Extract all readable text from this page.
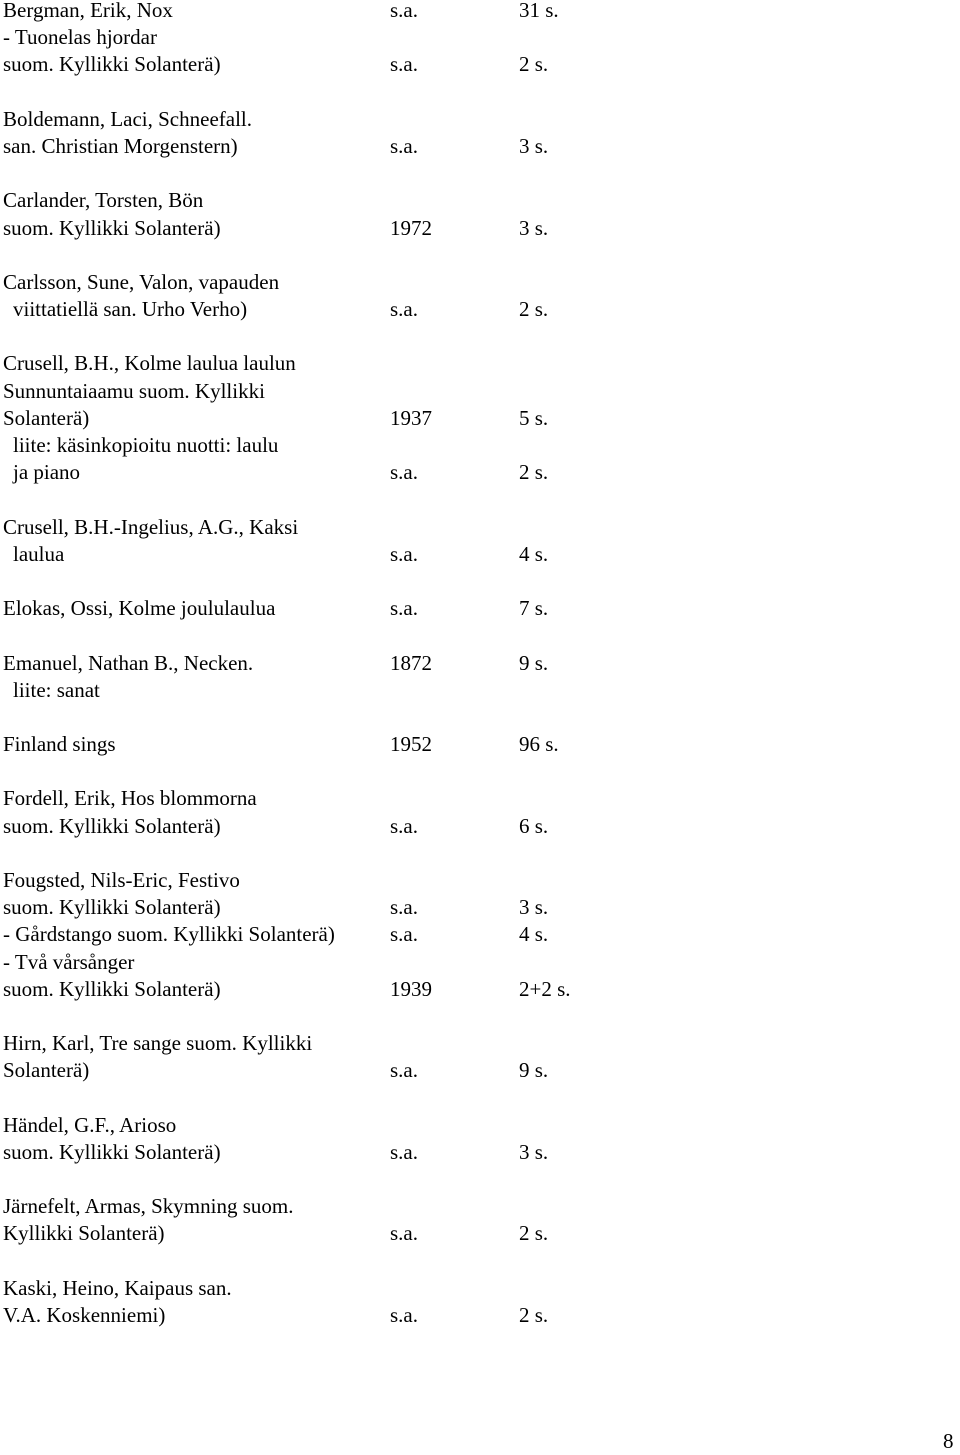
Bergman, Erik, Nox	s.a.	31 s.
- Tuonelas hjordar
suom. Kyllikki Solanterä)	s.a.	2 s.
Boldemann, Laci, Schneefall.
san. Christian Morgenstern)	s.a.	3 s.
Carlander, Torsten, Bön
suom. Kyllikki Solanterä)	1972	3 s.
Carlsson, Sune, Valon, vapauden
viittatiellä san. Urho Verho)	s.a.	2 s.
Crusell, B.H., Kolme laulua laulun
Sunnuntaiaamu suom. Kyllikki
Solanterä)	1937	5 s.
liite: käsinkopioitu nuotti: laulu
ja piano	s.a.	2 s.
Crusell, B.H.-Ingelius, A.G., Kaksi
laulua	s.a.	4 s.
Elokas, Ossi, Kolme joululaulua	s.a.	7 s.
Emanuel, Nathan B., Necken.	1872	9 s.
liite: sanat
Finland sings	1952	96 s.
Fordell, Erik, Hos blommorna
suom. Kyllikki Solanterä)	s.a.	6 s.
Fougsted, Nils-Eric, Festivo
suom. Kyllikki Solanterä)	s.a.	3 s.
- Gårdstango suom. Kyllikki Solanterä)	s.a.	4 s.
- Två vårsånger
suom. Kyllikki Solanterä)	1939	2+2 s.
Hirn, Karl, Tre sange suom. Kyllikki
Solanterä)	s.a.	9 s.
Händel, G.F., Arioso
suom. Kyllikki Solanterä)	s.a.	3 s.
Järnefelt, Armas, Skymning suom.
Kyllikki Solanterä)	s.a.	2 s.
Kaski, Heino, Kaipaus san.
V.A. Koskenniemi)	s.a.	2 s.
8
